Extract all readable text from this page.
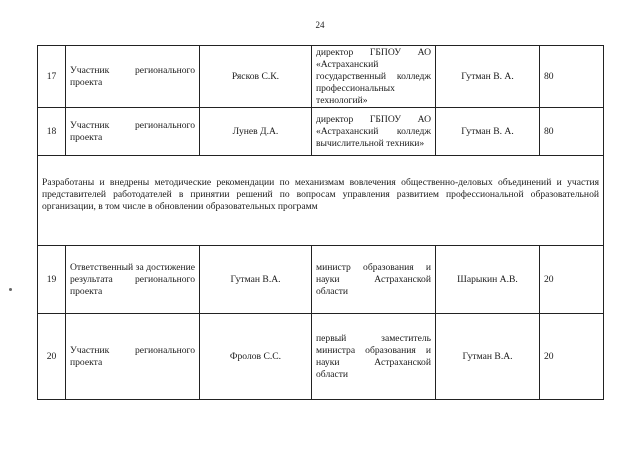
24
17	Участник регионального проекта	Рясков С.К.	директор ГБПОУ АО «Астраханский государственный колледж профессиональных технологий»	Гутман В. А.	80
18	Участник регионального проекта	Лунев Д.А.	директор ГБПОУ АО «Астраханский колледж вычислительной техники»	Гутман В. А.	80

Разработаны и внедрены методические рекомендации по механизмам вовлечения общественно-деловых объединений и участия представителей работодателей в принятии решений по вопросам управления развитием профессиональной образовательной организации, в том числе в обновлении образовательных программ					

19	Ответственный за достижение результата регионального проекта	Гутман В.А.	министр образования и науки Астраханской области	Шарыкин А.В.	20
20	Участник регионального проекта	Фролов С.С.	первый заместитель министра образования и науки Астраханской области	Гутман В.А.	20
